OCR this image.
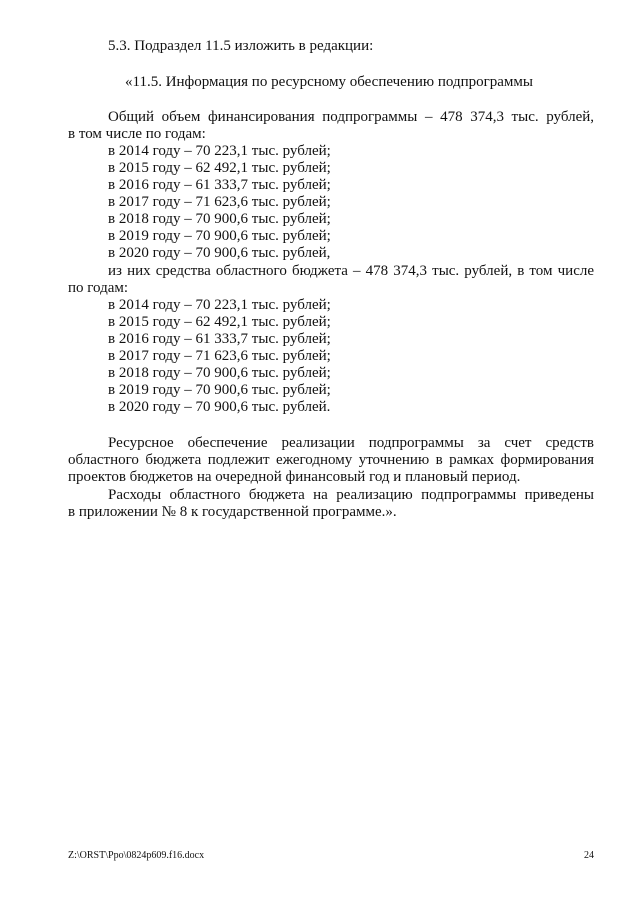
5.3. Подраздел 11.5 изложить в редакции:
«11.5. Информация по ресурсному обеспечению подпрограммы
Общий объем финансирования подпрограммы – 478 374,3 тыс. рублей,
в том числе по годам:
в 2014 году – 70 223,1 тыс. рублей;
в 2015 году – 62 492,1 тыс. рублей;
в 2016 году – 61 333,7 тыс. рублей;
в 2017 году – 71 623,6 тыс. рублей;
в 2018 году – 70 900,6 тыс. рублей;
в 2019 году – 70 900,6 тыс. рублей;
в 2020 году – 70 900,6 тыс. рублей,
из них средства областного бюджета – 478 374,3 тыс. рублей, в том числе
по годам:
в 2014 году – 70 223,1 тыс. рублей;
в 2015 году – 62 492,1 тыс. рублей;
в 2016 году – 61 333,7 тыс. рублей;
в 2017 году – 71 623,6 тыс. рублей;
в 2018 году – 70 900,6 тыс. рублей;
в 2019 году – 70 900,6 тыс. рублей;
в 2020 году – 70 900,6 тыс. рублей.
Ресурсное обеспечение реализации подпрограммы за счет средств
областного бюджета подлежит ежегодному уточнению в рамках формирования
проектов бюджетов на очередной финансовый год и плановый период.
Расходы областного бюджета на реализацию подпрограммы приведены
в приложении № 8 к государственной программе.».
Z:\ORST\Ppo\0824p609.f16.docx	24
